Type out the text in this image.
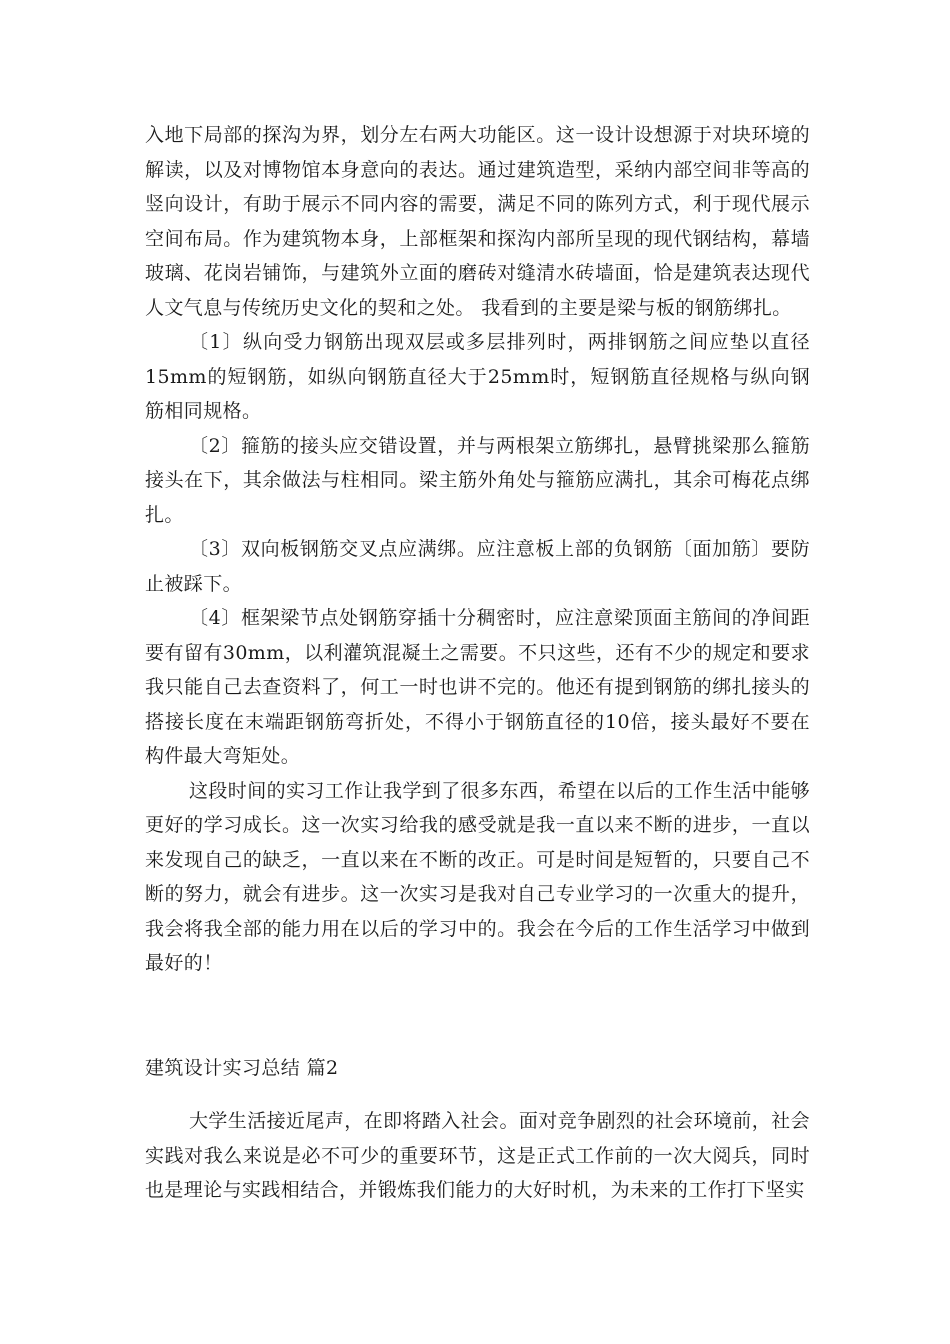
入地下局部的探沟为界，划分左右两大功能区。这一设计设想源于对块环境的解读，以及对博物馆本身意向的表达。通过建筑造型，采纳内部空间非等高的竖向设计，有助于展示不同内容的需要，满足不同的陈列方式，利于现代展示空间布局。作为建筑物本身，上部框架和探沟内部所呈现的现代钢结构，幕墙玻璃、花岗岩铺饰，与建筑外立面的磨砖对缝清水砖墙面，恰是建筑表达现代人文气息与传统历史文化的契和之处。 我看到的主要是梁与板的钢筋绑扎。

〔1〕纵向受力钢筋出现双层或多层排列时，两排钢筋之间应垫以直径15mm的短钢筋，如纵向钢筋直径大于25mm时，短钢筋直径规格与纵向钢筋相同规格。

〔2〕箍筋的接头应交错设置，并与两根架立筋绑扎，悬臂挑梁那么箍筋接头在下，其余做法与柱相同。梁主筋外角处与箍筋应满扎，其余可梅花点绑扎。

〔3〕双向板钢筋交叉点应满绑。应注意板上部的负钢筋〔面加筋〕要防止被踩下。

〔4〕框架梁节点处钢筋穿插十分稠密时，应注意梁顶面主筋间的净间距要有留有30mm，以利灌筑混凝土之需要。不只这些，还有不少的规定和要求我只能自己去查资料了，何工一时也讲不完的。他还有提到钢筋的绑扎接头的搭接长度在末端距钢筋弯折处，不得小于钢筋直径的10倍，接头最好不要在构件最大弯矩处。

这段时间的实习工作让我学到了很多东西，希望在以后的工作生活中能够更好的学习成长。这一次实习给我的感受就是我一直以来不断的进步，一直以来发现自己的缺乏，一直以来在不断的改正。可是时间是短暂的，只要自己不断的努力，就会有进步。这一次实习是我对自己专业学习的一次重大的提升，我会将我全部的能力用在以后的学习中的。我会在今后的工作生活学习中做到最好的！

建筑设计实习总结 篇2

大学生活接近尾声，在即将踏入社会。面对竞争剧烈的社会环境前，社会实践对我么来说是必不可少的重要环节，这是正式工作前的一次大阅兵，同时也是理论与实践相结合，并锻炼我们能力的大好时机，为未来的工作打下坚实
